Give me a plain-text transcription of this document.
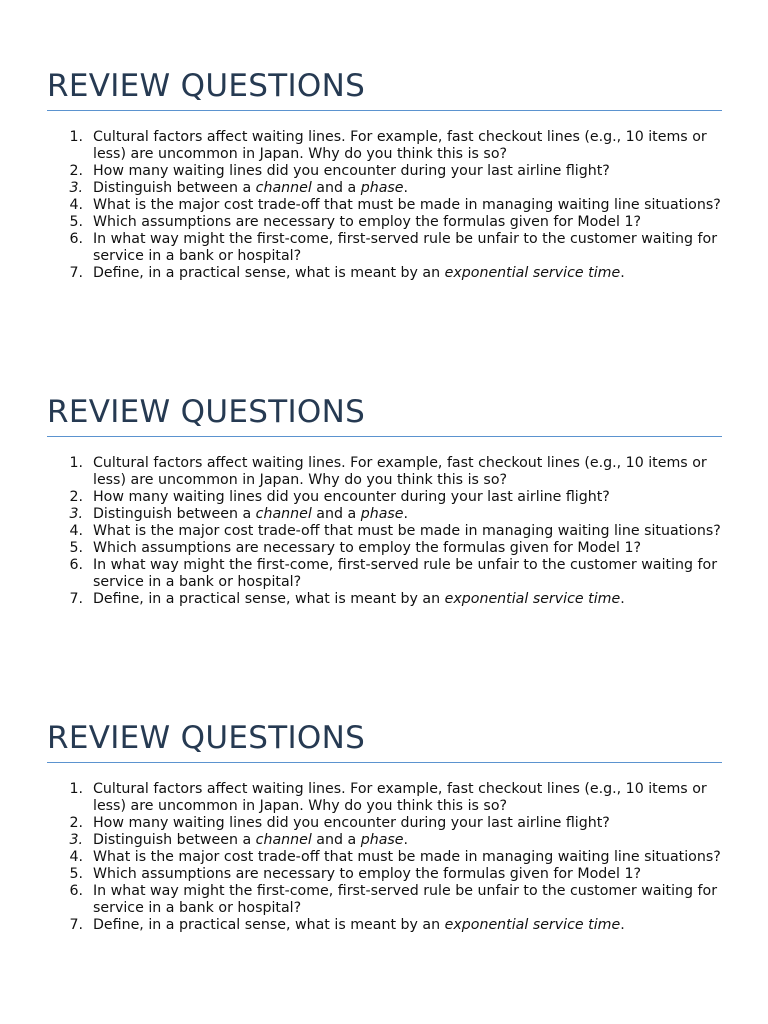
REVIEW QUESTIONS
1. Cultural factors affect waiting lines. For example, fast checkout lines (e.g., 10 items or less) are uncommon in Japan. Why do you think this is so?
2. How many waiting lines did you encounter during your last airline flight?
3. Distinguish between a channel and a phase.
4. What is the major cost trade-off that must be made in managing waiting line situations?
5. Which assumptions are necessary to employ the formulas given for Model 1?
6. In what way might the first-come, first-served rule be unfair to the customer waiting for service in a bank or hospital?
7. Define, in a practical sense, what is meant by an exponential service time.
REVIEW QUESTIONS
1. Cultural factors affect waiting lines. For example, fast checkout lines (e.g., 10 items or less) are uncommon in Japan. Why do you think this is so?
2. How many waiting lines did you encounter during your last airline flight?
3. Distinguish between a channel and a phase.
4. What is the major cost trade-off that must be made in managing waiting line situations?
5. Which assumptions are necessary to employ the formulas given for Model 1?
6. In what way might the first-come, first-served rule be unfair to the customer waiting for service in a bank or hospital?
7. Define, in a practical sense, what is meant by an exponential service time.
REVIEW QUESTIONS
1. Cultural factors affect waiting lines. For example, fast checkout lines (e.g., 10 items or less) are uncommon in Japan. Why do you think this is so?
2. How many waiting lines did you encounter during your last airline flight?
3. Distinguish between a channel and a phase.
4. What is the major cost trade-off that must be made in managing waiting line situations?
5. Which assumptions are necessary to employ the formulas given for Model 1?
6. In what way might the first-come, first-served rule be unfair to the customer waiting for service in a bank or hospital?
7. Define, in a practical sense, what is meant by an exponential service time.
